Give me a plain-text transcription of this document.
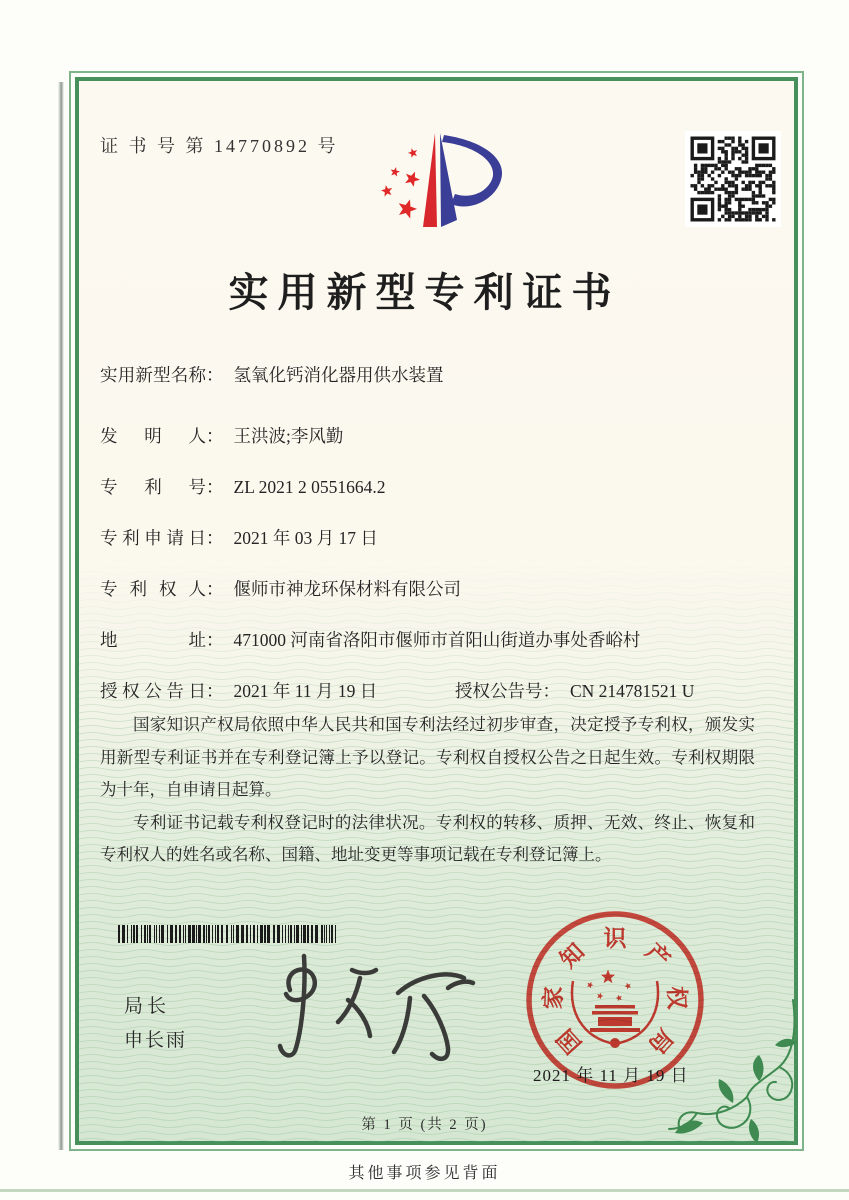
证 书 号 第 14770892 号
实用新型专利证书
实 用 新 型 名 称 ： 氢氧化钙消化器用供水装置
发 明 人 ： 王洪波;李风勤
专 利 号 ： ZL 2021 2 0551664.2
专 利 申 请 日 ： 2021 年 03 月 17 日
专 利 权 人 ： 偃师市神龙环保材料有限公司
地	址 ： 471000 河南省洛阳市偃师市首阳山街道办事处香峪村
授 权 公 告 日 ： 2021 年 11 月 19 日	授权公告号： CN 214781521 U

国家知识产权局依照中华人民共和国专利法经过初步审查，决定授予专利权，颁发实用新型专利证书并在专利登记簿上予以登记。专利权自授权公告之日起生效。专利权期限为十年，自申请日起算。

专利证书记载专利权登记时的法律状况。专利权的转移、质押、无效、终止、恢复和专利权人的姓名或名称、国籍、地址变更等事项记载在专利登记簿上。

局长
申长雨	国
家
知
识
产
权
局
2021 年 11 月 19 日
第 1 页 (共 2 页)
其他事项参见背面
